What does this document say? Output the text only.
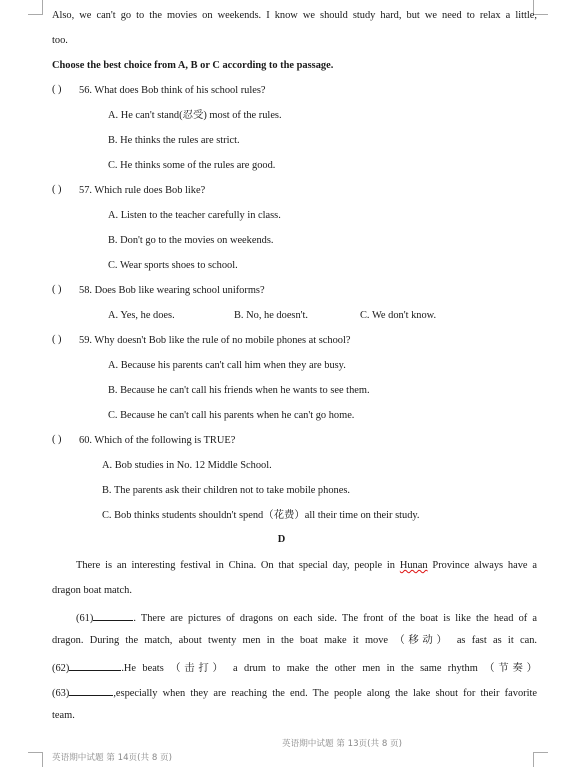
Also, we can't go to the movies on weekends. I know we should study hard, but we need to relax a little,
too.
Choose the best choice from A, B or C according to the passage.
( ) 56. What does Bob think of his school rules?
A. He can't stand(忍受) most of the rules.
B. He thinks the rules are strict.
C. He thinks some of the rules are good.
( ) 57. Which rule does Bob like?
A. Listen to the teacher carefully in class.
B. Don't go to the movies on weekends.
C. Wear sports shoes to school.
( ) 58. Does Bob like wearing school uniforms?
A. Yes, he does.	B. No, he doesn't.	C. We don't know.
( ) 59. Why doesn't Bob like the rule of no mobile phones at school?
A. Because his parents can't call him when they are busy.
B. Because he can't call his friends when he wants to see them.
C. Because he can't call his parents when he can't go home.
( ) 60. Which of the following is TRUE?
A. Bob studies in No. 12 Middle School.
B. The parents ask their children not to take mobile phones.
C. Bob thinks students shouldn't spend（花费）all their time on their study.
D
There is an interesting festival in China. On that special day, people in Hunan Province always have a
dragon boat match.
(61)	. There are pictures of dragons on each side. The front of the boat is like the head of a
dragon. During the match, about twenty men in the boat make it move （移动） as fast as it can.
(62)	.He beats （击打） a drum to make the other men in the same rhythm （节奏）
(63)	,especially when they are reaching the end. The people along the lake shout for their favorite
team.
英语期中试题 第 13页(共 8 页)
英语期中试题 第 14页(共 8 页)
